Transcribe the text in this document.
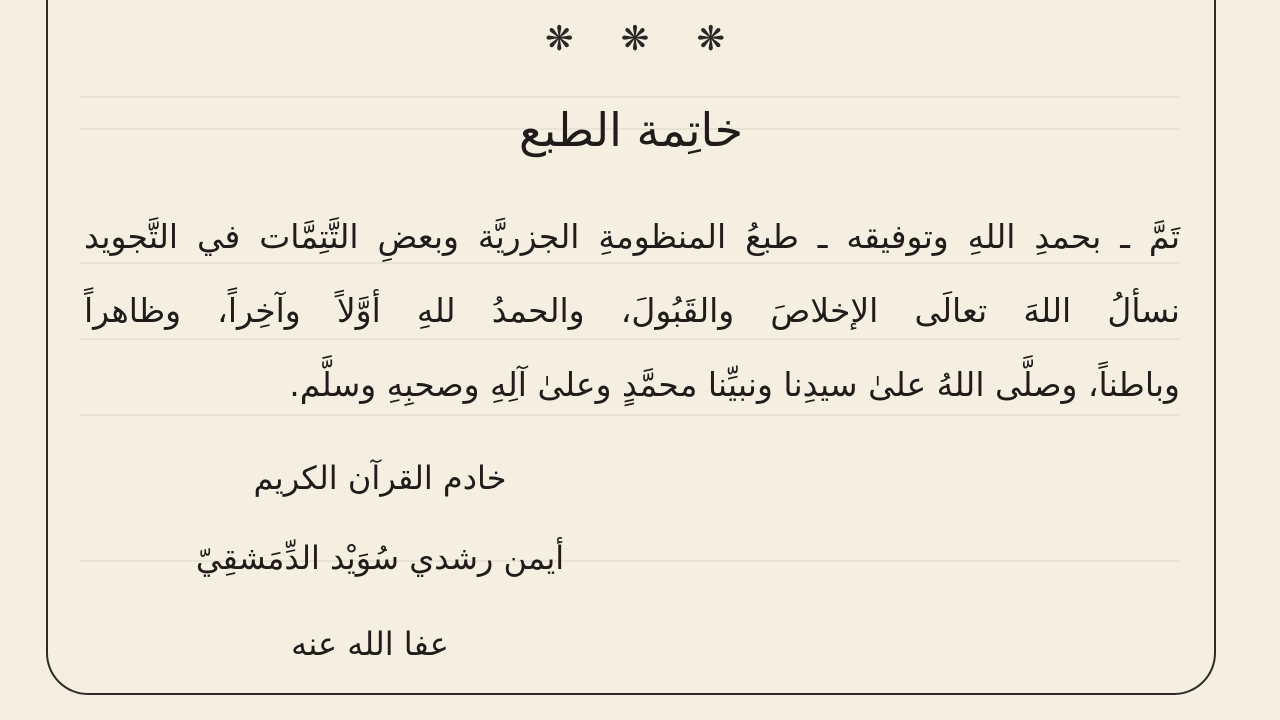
❋ ❋ ❋
خاتِمة الطبع
تَمَّ ـ بحمدِ اللهِ وتوفيقه ـ طبعُ المنظومةِ الجزريَّة وبعضِ التَّتِمَّات في التَّجويد
نسألُ اللهَ تعالَى الإخلاصَ والقَبُولَ، والحمدُ للهِ أوَّلاً وآخِراً، وظاهراً
وباطناً، وصلَّى اللهُ علىٰ سيدِنا ونبيِّنا محمَّدٍ وعلىٰ آلِهِ وصحبِهِ وسلَّم.
خادم القرآن الكريم
أيمن رشدي سُوَيْد الدِّمَشقِيّ
عفا الله عنه
